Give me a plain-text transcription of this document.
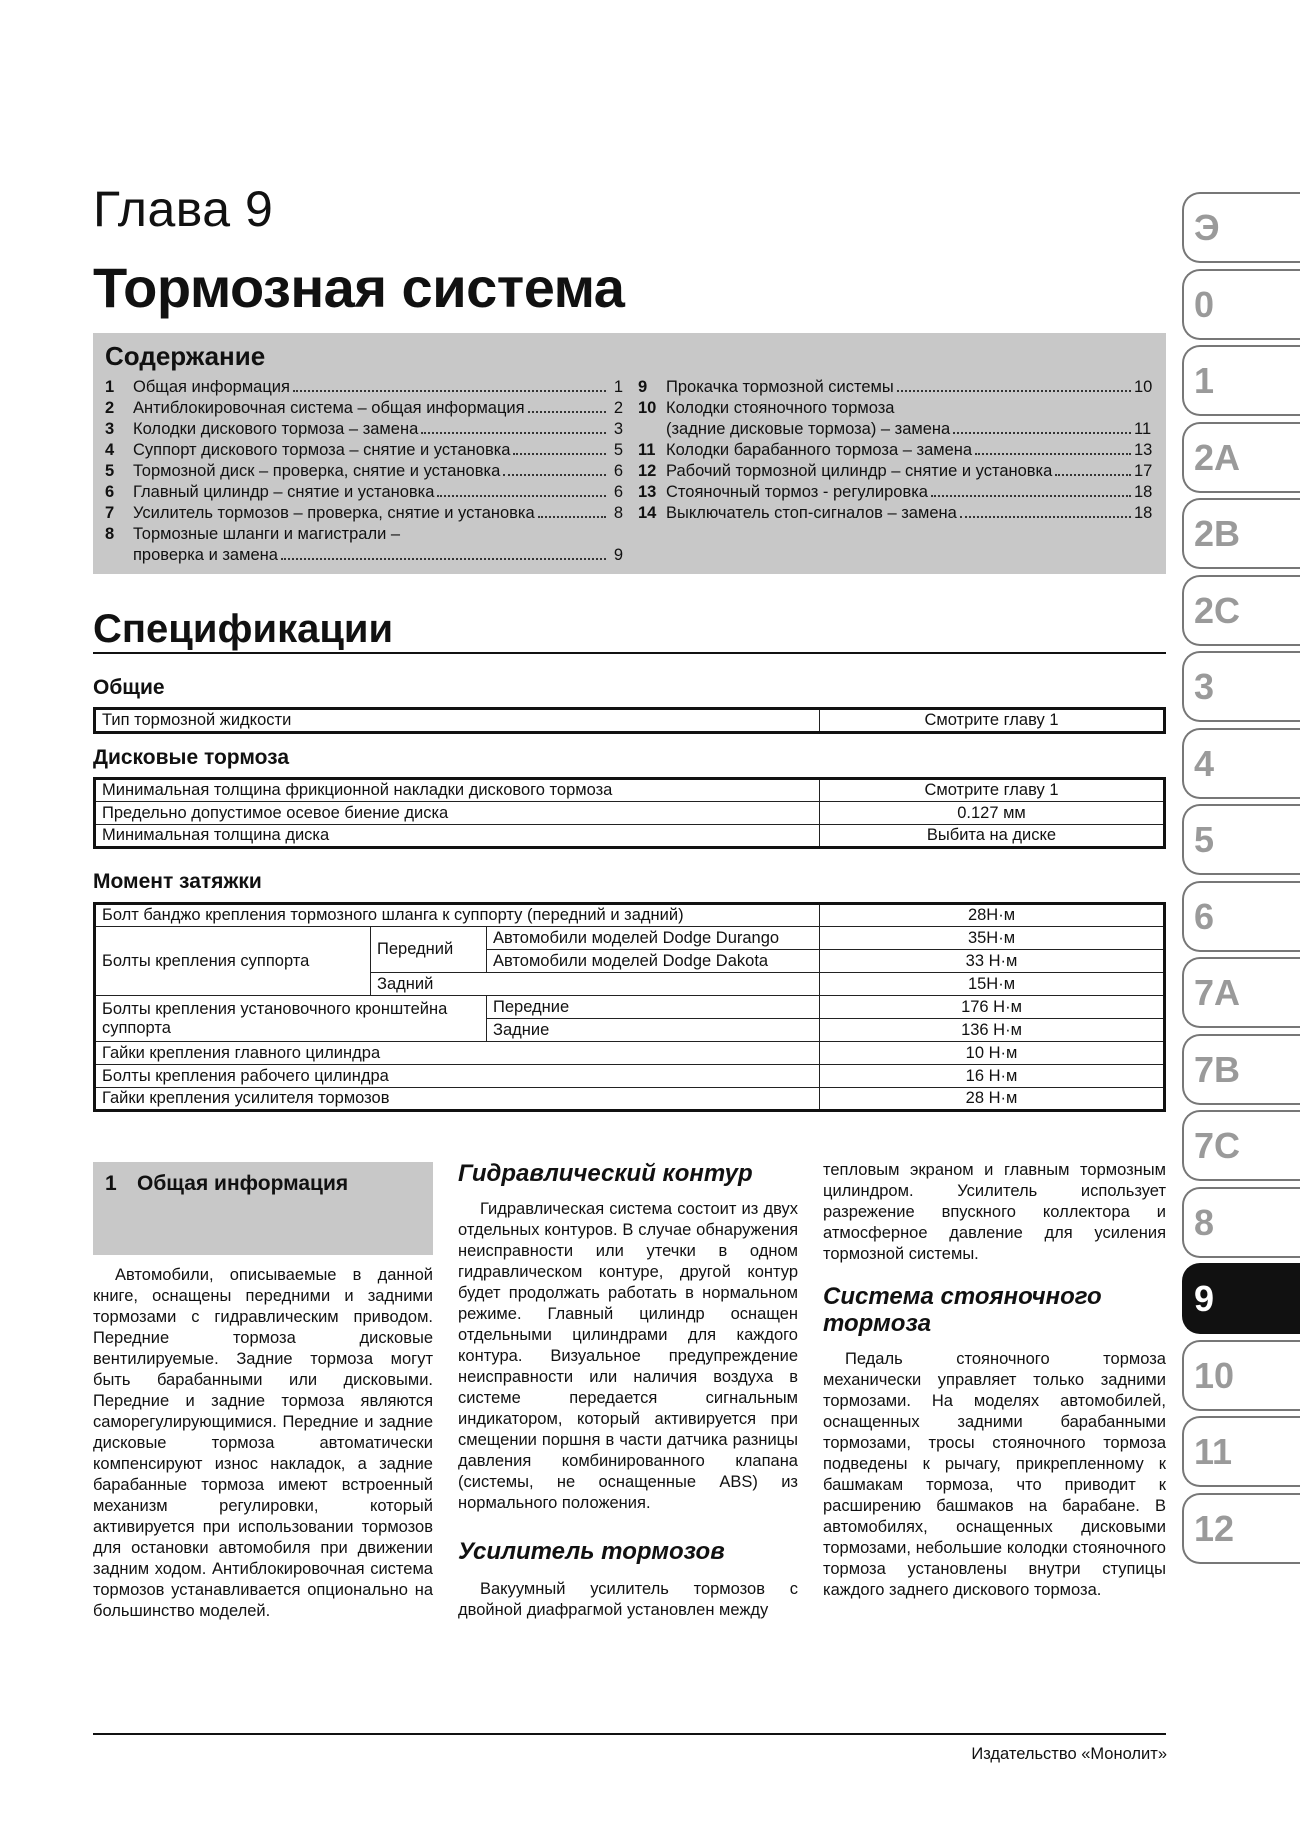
Глава 9
Тормозная система
Содержание
1	Общая информация	1
2	Антиблокировочная система – общая информация	2
3	Колодки дискового тормоза – замена	3
4	Суппорт дискового тормоза – снятие и установка	5
5	Тормозной диск – проверка, снятие и установка	6
6	Главный цилиндр – снятие и установка	6
7	Усилитель тормозов – проверка, снятие и установка	8
8	Тормозные шланги и магистрали –
проверка и замена	9
9	Прокачка тормозной системы	10
10 Колодки стояночного тормоза
(задние дисковые тормоза) – замена	11
11 Колодки барабанного тормоза – замена	13
12 Рабочий тормозной цилиндр – снятие и установка	17
13 Стояночный тормоз - регулировка	18
14 Выключатель стоп-сигналов – замена	18
Спецификации
Общие
Тип тормозной жидкости	Смотрите главу 1
Дисковые тормоза
Минимальная толщина фрикционной накладки дискового тормоза	Смотрите главу 1
Предельно допустимое осевое биение диска	0.127 мм
Минимальная толщина диска	Выбита на диске
Момент затяжки
Болт банджо крепления тормозного шланга к суппорту (передний и задний)			28Н·м
Болты крепления суппорта	Передний	Автомобили моделей Dodge Durango	35Н·м
		Автомобили моделей Dodge Dakota	33 Н·м
	Задний		15Н·м
Болты крепления установочного кронштейна суппорта		Передние	176 Н·м
		Задние	136 Н·м
Гайки крепления главного цилиндра			10 Н·м
Болты крепления рабочего цилиндра			16 Н·м
Гайки крепления усилителя тормозов			28 Н·м
1 Общая информация

Автомобили, описываемые в данной книге, оснащены передними и задними тормозами с гидравлическим приводом. Передние тормоза дисковые вентилируемые. Задние тормоза могут быть барабанными или дисковыми. Передние и задние тормоза являются саморегулирующимися. Передние и задние дисковые тормоза автоматически компенсируют износ накладок, а задние барабанные тормоза имеют встроенный механизм регулировки, который активируется при использовании тормозов для остановки автомобиля при движении задним ходом. Антиблокировочная система тормозов устанавливается опционально на большинство моделей.

Гидравлический контур

Гидравлическая система состоит из двух отдельных контуров. В случае обнаружения неисправности или утечки в одном гидравлическом контуре, другой контур будет продолжать работать в нормальном режиме. Главный цилиндр оснащен отдельными цилиндрами для каждого контура. Визуальное предупреждение неисправности или наличия воздуха в системе передается сигнальным индикатором, который активируется при смещении поршня в части датчика разницы давления комбинированного клапана (системы, не оснащенные ABS) из нормального положения.

Усилитель тормозов

Вакуумный усилитель тормозов с двойной диафрагмой установлен между

тепловым экраном и главным тормозным цилиндром. Усилитель использует разрежение впускного коллектора и атмосферное давление для усиления тормозной системы.

Система стояночного тормоза

Педаль стояночного тормоза механически управляет только задними тормозами. На моделях автомобилей, оснащенных задними барабанными тормозами, тросы стояночного тормоза подведены к рычагу, прикрепленному к башмакам тормоза, что приводит к расширению башмаков на барабане. В автомобилях, оснащенных дисковыми тормозами, небольшие колодки стояночного тормоза установлены внутри ступицы каждого заднего дискового тормоза.

Издательство «Монолит»
Э
0
1
2A
2B
2C
3
4
5
6
7A
7B
7C
8
9
10
11
12
